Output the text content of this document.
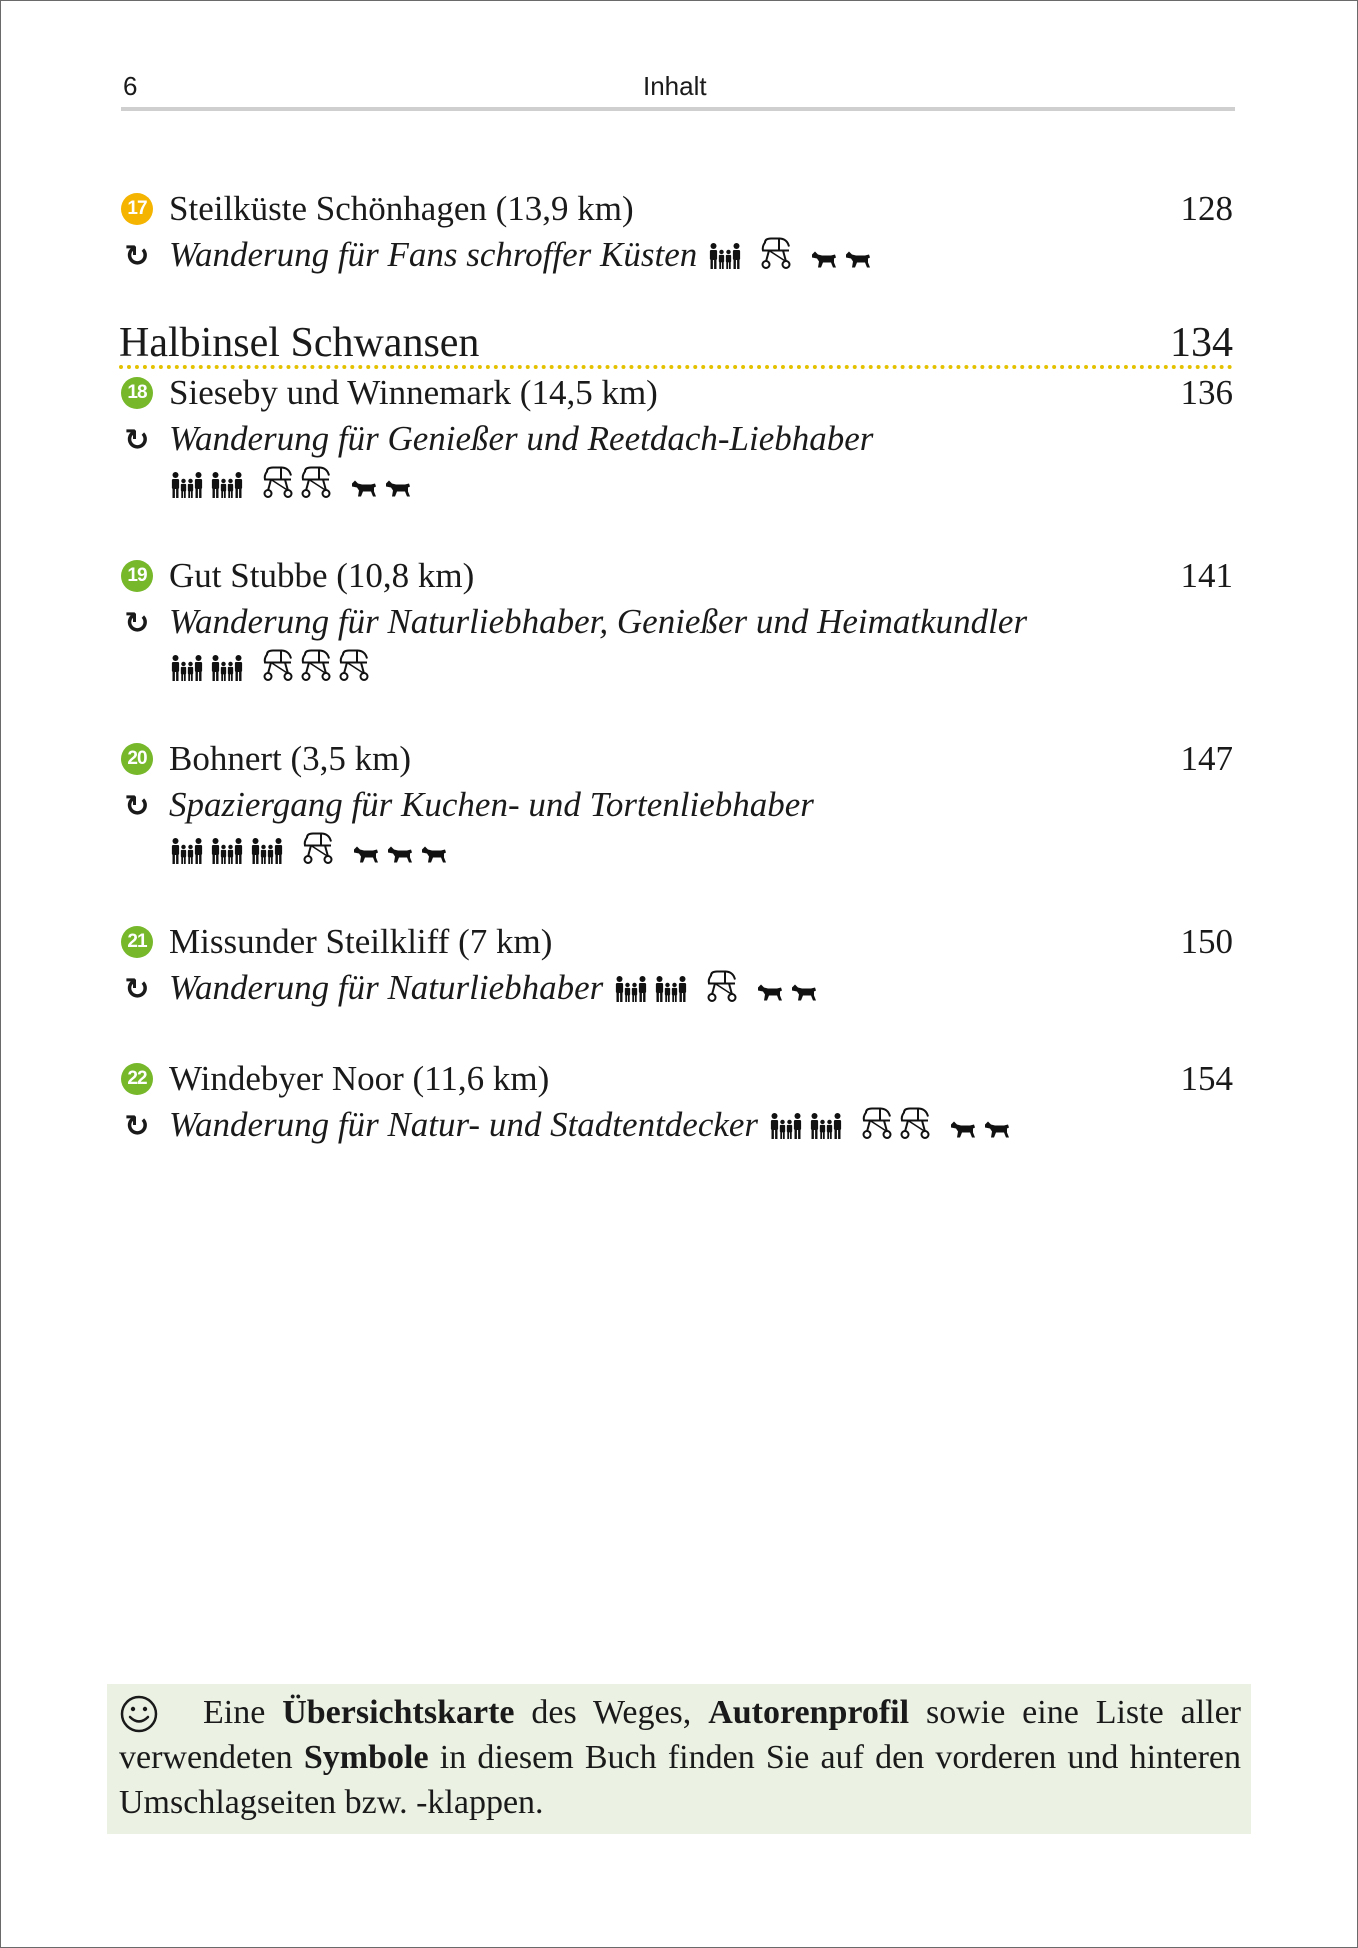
6	Inhalt
17 Steilküste Schönhagen (13,9 km)	128
↻ Wanderung für Fans schroffer Küsten
Halbinsel Schwansen	134
18 Sieseby und Winnemark (14,5 km)	136
↻ Wanderung für Genießer und Reetdach-Liebhaber
19 Gut Stubbe (10,8 km)	141
↻ Wanderung für Naturliebhaber, Genießer und Heimatkundler
20 Bohnert (3,5 km)	147
↻ Spaziergang für Kuchen- und Tortenliebhaber
21 Missunder Steilkliff (7 km)	150
↻ Wanderung für Naturliebhaber
22 Windebyer Noor (11,6 km)	154
↻ Wanderung für Natur- und Stadtentdecker

Eine Übersichtskarte des Weges, Autorenprofil sowie eine Liste aller verwendeten Symbole in diesem Buch finden Sie auf den vorderen und hinteren Umschlagseiten bzw. -klappen.
